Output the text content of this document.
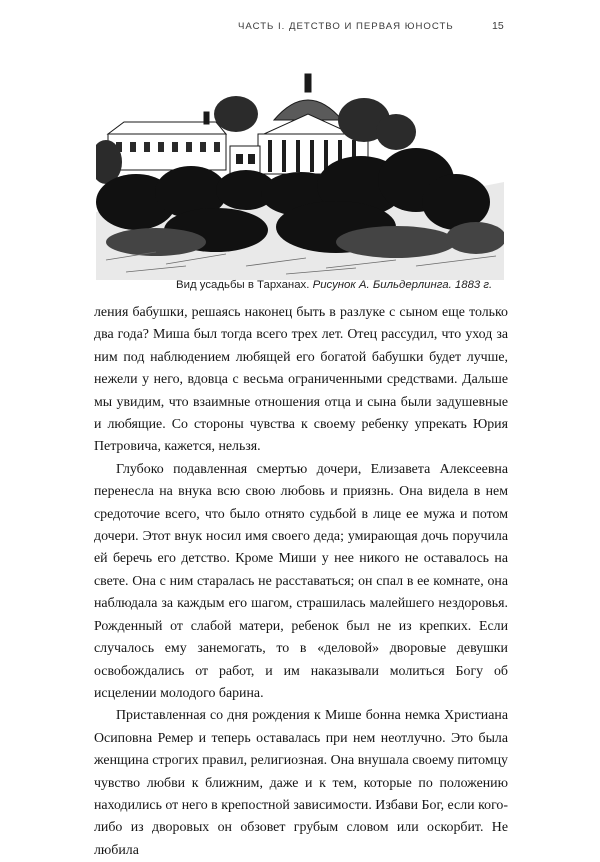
ЧАСТЬ I. ДЕТСТВО И ПЕРВАЯ ЮНОСТЬ	15
Вид усадьбы в Тарханах. Рисунок А. Бильдерлинга. 1883 г.

ления бабушки, решаясь наконец быть в разлуке с сыном еще только два года? Миша был тогда всего трех лет. Отец рассудил, что уход за ним под наблюдением любящей его богатой бабушки будет лучше, нежели у него, вдовца с весьма ограниченными средствами. Дальше мы увидим, что взаимные отношения отца и сына были задушевные и любящие. Со стороны чувства к своему ребенку упрекать Юрия Петровича, кажется, нельзя.

Глубоко подавленная смертью дочери, Елизавета Алексеевна перенесла на внука всю свою любовь и приязнь. Она видела в нем средоточие всего, что было отнято судьбой в лице ее мужа и потом дочери. Этот внук носил имя своего деда; умирающая дочь поручила ей беречь его детство. Кроме Миши у нее никого не оставалось на свете. Она с ним старалась не расставаться; он спал в ее комнате, она наблюдала за каждым его шагом, страшилась малейшего нездоровья. Рожденный от слабой матери, ребенок был не из крепких. Если случалось ему занемогать, то в «деловой» дворовые девушки освобождались от работ, и им наказывали молиться Богу об исцелении молодого барина.

Приставленная со дня рождения к Мише бонна немка Христиана Осиповна Ремер и теперь оставалась при нем неотлучно. Это была женщина строгих правил, религиозная. Она внушала своему питомцу чувство любви к ближним, даже и к тем, которые по положению находились от него в крепостной зависимости. Избави Бог, если кого-либо из дворовых он обзовет грубым словом или оскорбит. Не любила
